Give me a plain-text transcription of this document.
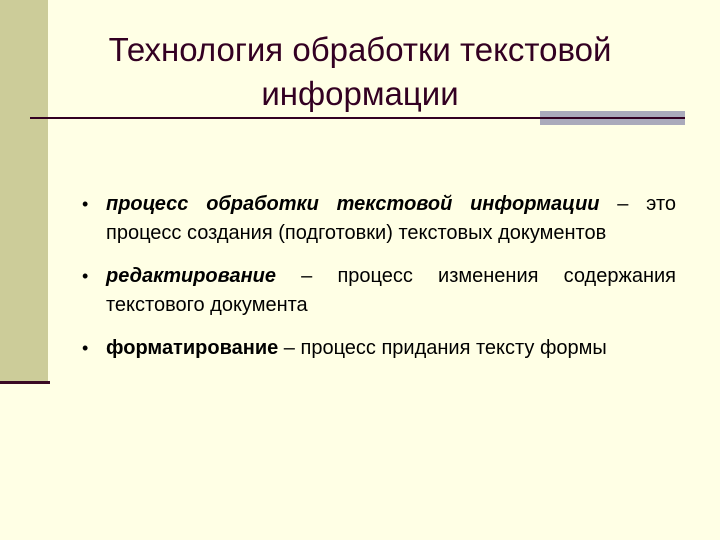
Технология обработки текстовой информации
• процесс обработки текстовой информации – это процесс создания (подготовки) текстовых документов
• редактирование – процесс изменения содержания текстового документа
• форматирование – процесс придания тексту формы
